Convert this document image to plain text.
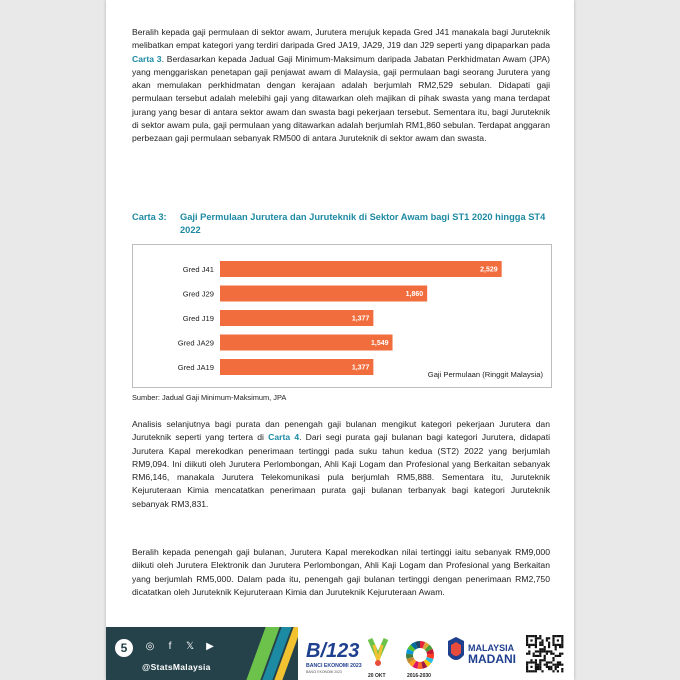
Beralih kepada gaji permulaan di sektor awam, Jurutera merujuk kepada Gred J41 manakala bagi Juruteknik melibatkan empat kategori yang terdiri daripada Gred JA19, JA29, J19 dan J29 seperti yang dipaparkan pada Carta 3. Berdasarkan kepada Jadual Gaji Minimum-Maksimum daripada Jabatan Perkhidmatan Awam (JPA) yang menggariskan penetapan gaji penjawat awam di Malaysia, gaji permulaan bagi seorang Jurutera yang akan memulakan perkhidmatan dengan kerajaan adalah berjumlah RM2,529 sebulan. Didapati gaji permulaan tersebut adalah melebihi gaji yang ditawarkan oleh majikan di pihak swasta yang mana terdapat jurang yang besar di antara sektor awam dan swasta bagi pekerjaan tersebut. Sementara itu, bagi Juruteknik di sektor awam pula, gaji permulaan yang ditawarkan adalah berjumlah RM1,860 sebulan. Terdapat anggaran perbezaan gaji permulaan sebanyak RM500 di antara Juruteknik di sektor awam dan swasta.

Carta 3: Gaji Permulaan Jurutera dan Juruteknik di Sektor Awam bagi ST1 2020 hingga ST4 2022
Gred J41	2,529
Gred J29	1,860
Gred J19	1,377
Gred JA29	1,549
Gred JA19	1,377
Gaji Permulaan (Ringgit Malaysia)
Sumber: Jadual Gaji Minimum-Maksimum, JPA

Analisis selanjutnya bagi purata dan penengah gaji bulanan mengikut kategori pekerjaan Jurutera dan Juruteknik seperti yang tertera di Carta 4. Dari segi purata gaji bulanan bagi kategori Jurutera, didapati Jurutera Kapal merekodkan penerimaan tertinggi pada suku tahun kedua (ST2) 2022 yang berjumlah RM9,094. Ini diikuti oleh Jurutera Perlombongan, Ahli Kaji Logam dan Profesional yang Berkaitan sebanyak RM6,146, manakala Jurutera Telekomunikasi pula berjumlah RM5,888. Sementara itu, Juruteknik Kejuruteraan Kimia mencatatkan penerimaan purata gaji bulanan terbanyak bagi kategori Juruteknik sebanyak RM3,831.

Beralih kepada penengah gaji bulanan, Jurutera Kapal merekodkan nilai tertinggi iaitu sebanyak RM9,000 diikuti oleh Jurutera Elektronik dan Jurutera Perlombongan, Ahli Kaji Logam dan Profesional yang Berkaitan yang berjumlah RM5,000. Dalam pada itu, penengah gaji bulanan tertinggi dengan penerimaan RM2,750 dicatatkan oleh Juruteknik Kejuruteraan Kimia dan Juruteknik Kejuruteraan Awam.

5	◎	f	𝕏 ▶
@StatsMalaysia
B/123
BANCI EKONOMI 2023
BANCI EKONOMI 2023
20 OKT	2016-2030
MALAYSIA
MADANI
